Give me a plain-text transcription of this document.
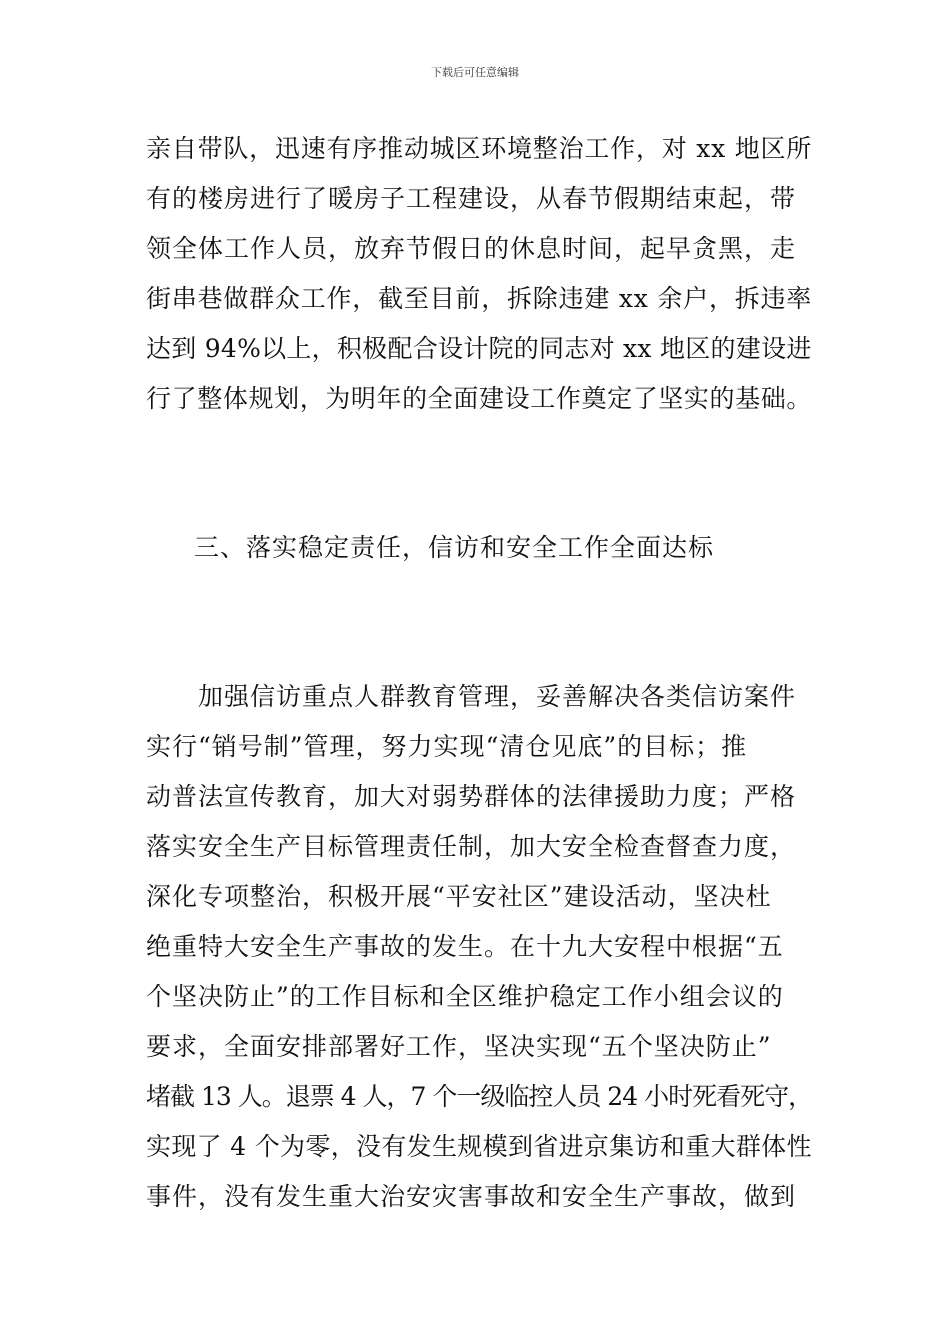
下载后可任意编辑
亲自带队，迅速有序推动城区环境整治工作，对 xx 地区所
有的楼房进行了暖房子工程建设，从春节假期结束起，带
领全体工作人员，放弃节假日的休息时间，起早贪黑，走
街串巷做群众工作，截至目前，拆除违建 xx 余户，拆违率
达到 94%以上，积极配合设计院的同志对 xx 地区的建设进
行了整体规划，为明年的全面建设工作奠定了坚实的基础。
三、落实稳定责任，信访和安全工作全面达标
加强信访重点人群教育管理，妥善解决各类信访案件
实行“销号制”管理，努力实现“清仓见底”的目标；推
动普法宣传教育，加大对弱势群体的法律援助力度；严格
落实安全生产目标管理责任制，加大安全检查督查力度，
深化专项整治，积极开展“平安社区”建设活动，坚决杜
绝重特大安全生产事故的发生。在十九大安程中根据“五
个坚决防止”的工作目标和全区维护稳定工作小组会议的
要求，全面安排部署好工作，坚决实现“五个坚决防止”
堵截 13 人。退票 4 人，7 个一级临控人员 24 小时死看死守，
实现了 4 个为零，没有发生规模到省进京集访和重大群体性
事件，没有发生重大治安灾害事故和安全生产事故，做到
